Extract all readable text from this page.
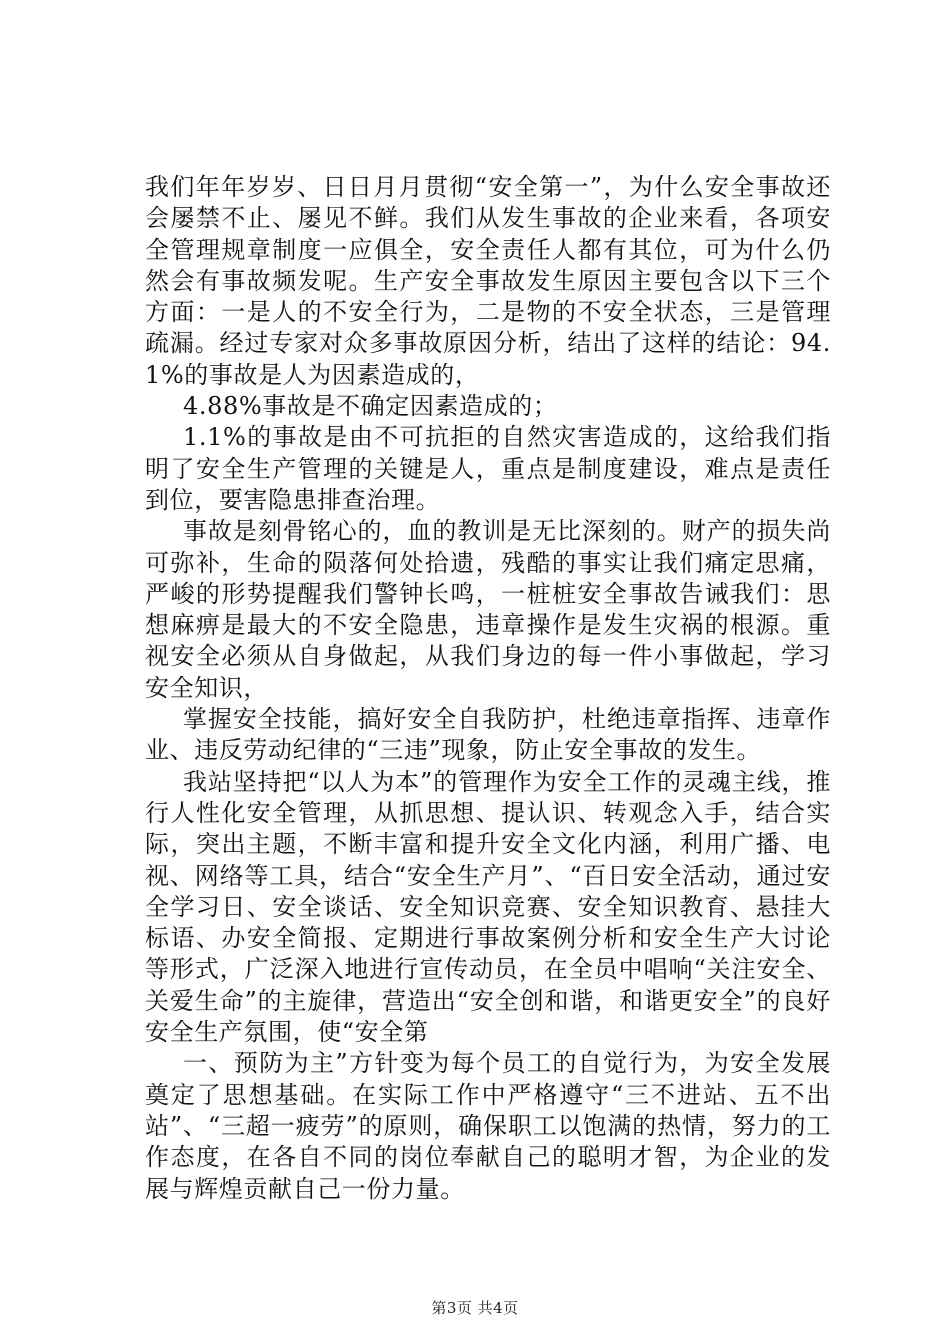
我们年年岁岁、日日月月贯彻“安全第一”，为什么安全事故还会屡禁不止、屡见不鲜。我们从发生事故的企业来看，各项安全管理规章制度一应俱全，安全责任人都有其位，可为什么仍然会有事故频发呢。生产安全事故发生原因主要包含以下三个方面：一是人的不安全行为，二是物的不安全状态，三是管理疏漏。经过专家对众多事故原因分析，结出了这样的结论：94.1%的事故是人为因素造成的，

4.88%事故是不确定因素造成的；

1.1%的事故是由不可抗拒的自然灾害造成的，这给我们指明了安全生产管理的关键是人，重点是制度建设，难点是责任到位，要害隐患排查治理。

事故是刻骨铭心的，血的教训是无比深刻的。财产的损失尚可弥补，生命的陨落何处拾遗，残酷的事实让我们痛定思痛，严峻的形势提醒我们警钟长鸣，一桩桩安全事故告诫我们：思想麻痹是最大的不安全隐患，违章操作是发生灾祸的根源。重视安全必须从自身做起，从我们身边的每一件小事做起，学习安全知识，

掌握安全技能，搞好安全自我防护，杜绝违章指挥、违章作业、违反劳动纪律的“三违”现象，防止安全事故的发生。

我站坚持把“以人为本”的管理作为安全工作的灵魂主线，推行人性化安全管理，从抓思想、提认识、转观念入手，结合实际，突出主题，不断丰富和提升安全文化内涵，利用广播、电视、网络等工具，结合“安全生产月”、“百日安全活动，通过安全学习日、安全谈话、安全知识竞赛、安全知识教育、悬挂大标语、办安全简报、定期进行事故案例分析和安全生产大讨论等形式，广泛深入地进行宣传动员，在全员中唱响“关注安全、关爱生命”的主旋律，营造出“安全创和谐，和谐更安全”的良好安全生产氛围，使“安全第

一、预防为主”方针变为每个员工的自觉行为，为安全发展奠定了思想基础。在实际工作中严格遵守“三不进站、五不出站”、“三超一疲劳”的原则，确保职工以饱满的热情，努力的工作态度，在各自不同的岗位奉献自己的聪明才智，为企业的发展与辉煌贡献自己一份力量。

第3页 共4页
